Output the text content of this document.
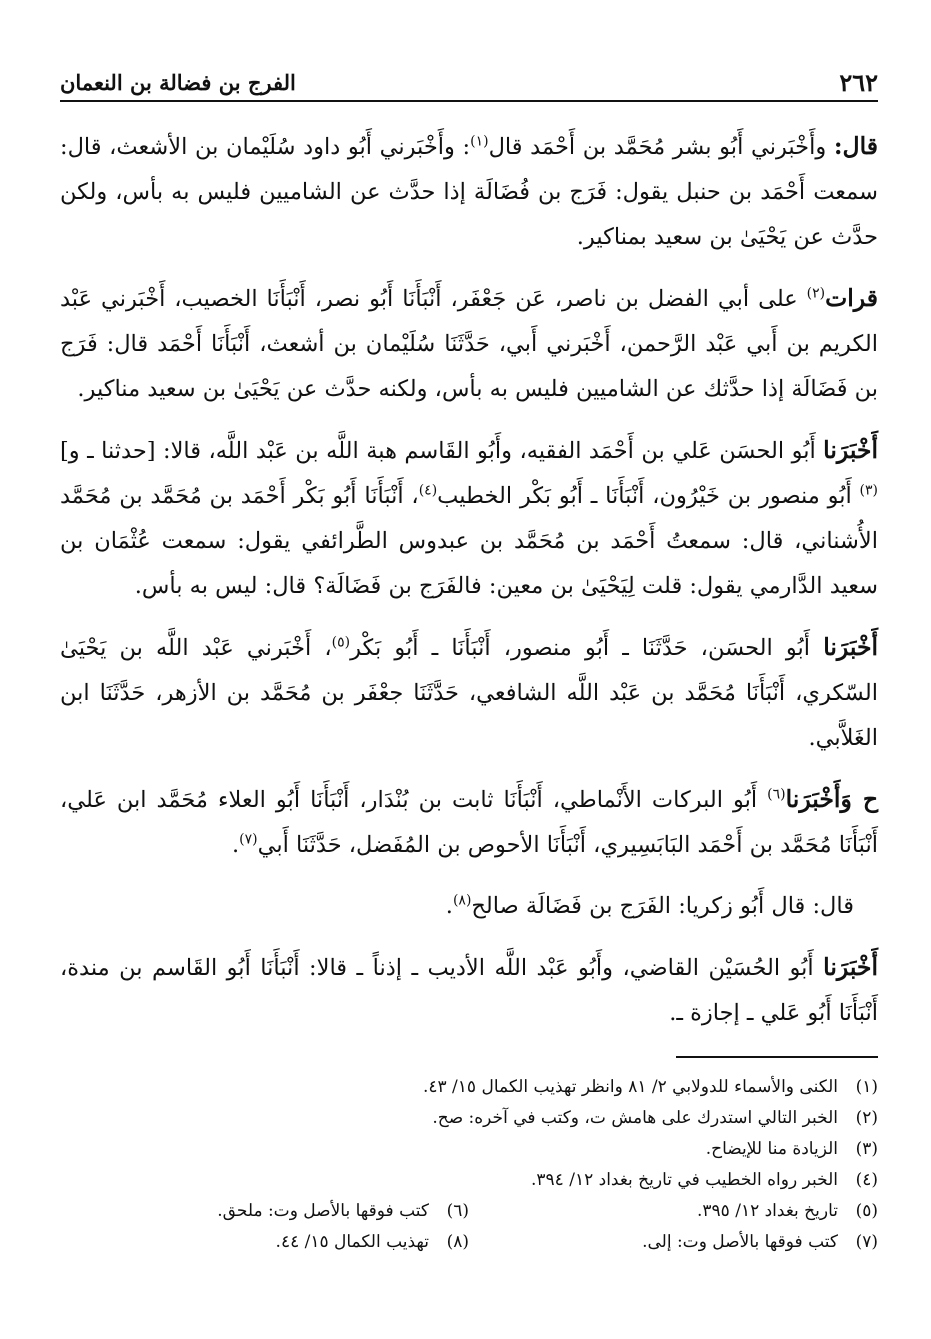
٢٦٢
الفرج بن فضالة بن النعمان

قال: وأَخْبَرني أَبُو بشر مُحَمَّد بن أَحْمَد قال$^{(١)}$: وأَخْبَرني أَبُو داود سُلَيْمان بن الأشعث، قال: سمعت أَحْمَد بن حنبل يقول: فَرَج بن فُضَالَة إذا حدَّث عن الشاميين فليس به بأس، ولكن حدَّث عن يَحْيَىٰ بن سعيد بمناكير.

قرات$^{(٢)}$ على أبي الفضل بن ناصر، عَن جَعْفَر، أَنْبَأَنَا أَبُو نصر، أَنْبَأَنَا الخصيب، أَخْبَرني عَبْد الكريم بن أَبي عَبْد الرَّحمن، أَخْبَرني أَبي، حَدَّثَنَا سُلَيْمان بن أشعث، أَنْبَأَنَا أَحْمَد قال: فَرَج بن فَضَالَة إذا حدَّثك عن الشاميين فليس به بأس، ولكنه حدَّث عن يَحْيَىٰ بن سعيد مناكير.

أَخْبَرَنا أَبُو الحسَن عَلي بن أَحْمَد الفقيه، وأَبُو القَاسم هبة اللَّه بن عَبْد اللَّه، قالا: [حدثنا ـ و]$^{(٣)}$ أَبُو منصور بن خَيْرُون، أَنْبَأَنَا ـ أَبُو بَكْر الخطيب$^{(٤)}$، أَنْبَأَنَا أَبُو بَكْر أَحْمَد بن مُحَمَّد بن مُحَمَّد الأُشناني، قال: سمعتُ أَحْمَد بن مُحَمَّد بن عبدوس الطَّرائفي يقول: سمعت عُثْمَان بن سعيد الدَّارمي يقول: قلت لِيَحْيَىٰ بن معين: فالفَرَج بن فَضَالَة؟ قال: ليس به بأس.

أَخْبَرَنا أَبُو الحسَن، حَدَّثَنَا ـ أَبُو منصور، أَنْبَأَنَا ـ أَبُو بَكْر$^{(٥)}$، أَخْبَرني عَبْد اللَّه بن يَحْيَىٰ السّكري، أَنْبَأَنَا مُحَمَّد بن عَبْد اللَّه الشافعي، حَدَّثَنَا جعْفَر بن مُحَمَّد بن الأزهر، حَدَّثَنَا ابن الغَلاَّبي.

ح وَأَخْبَرَنا$^{(٦)}$ أَبُو البركات الأَنْماطي، أَنْبَأَنَا ثابت بن بُنْدَار، أَنْبَأَنَا أَبُو العلاء مُحَمَّد ابن عَلي، أَنْبَأَنَا مُحَمَّد بن أَحْمَد البَابَسِيري، أَنْبَأَنَا الأحوص بن المُفَضل، حَدَّثَنَا أَبي$^{(٧)}$.

قال: قال أَبُو زكريا: الفَرَج بن فَضَالَة صالح$^{(٨)}$.

أَخْبَرَنا أَبُو الحُسَيْن القاضي، وأَبُو عَبْد اللَّه الأديب ـ إذناً ـ قالا: أَنْبَأَنَا أَبُو القَاسم بن مندة، أَنْبَأَنَا أَبُو عَلي ـ إجازة ـ.

(١)
الكنى والأسماء للدولابي ٢/ ٨١ وانظر تهذيب الكمال ١٥/ ٤٣.
(٢)
الخبر التالي استدرك على هامش ت، وكتب في آخره: صح.
(٣)
الزيادة منا للإيضاح.
(٤)
الخبر رواه الخطيب في تاريخ بغداد ١٢/ ٣٩٤.
(٥)
تاريخ بغداد ١٢/ ٣٩٥.
(٦)
كتب فوقها بالأصل وت: ملحق.
(٧)
كتب فوقها بالأصل وت: إلى.
(٨)
تهذيب الكمال ١٥/ ٤٤.
